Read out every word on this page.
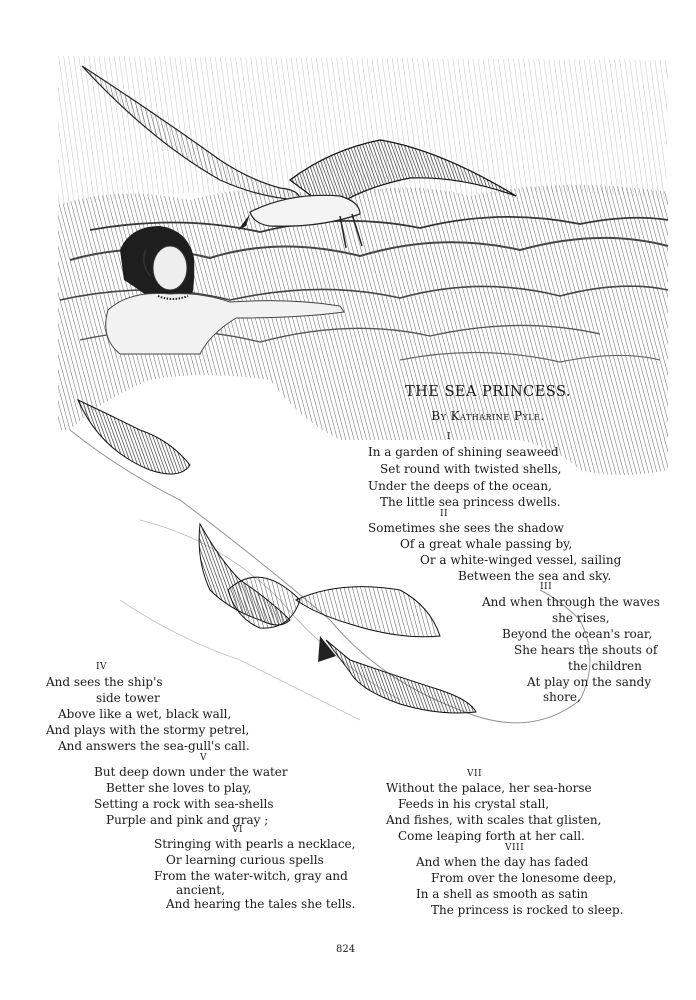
THE SEA PRINCESS.

By Katharine Pyle.

I
In a garden of shining seaweed
Set round with twisted shells,
Under the deeps of the ocean,
The little sea princess dwells.
II
Sometimes she sees the shadow
Of a great whale passing by,
Or a white-winged vessel, sailing
Between the sea and sky.
III
And when through the waves
she rises,
Beyond the ocean's roar,
She hears the shouts of
the children
At play on the sandy
shore,
IV
And sees the ship's
side tower
Above like a wet, black wall,
And plays with the stormy petrel,
And answers the sea-gull's call.
V
But deep down under the water
Better she loves to play,
Setting a rock with sea-shells
Purple and pink and gray ;
VI
Stringing with pearls a necklace,
Or learning curious spells
From the water-witch, gray and
ancient,
And hearing the tales she tells.
VII
Without the palace, her sea-horse
Feeds in his crystal stall,
And fishes, with scales that glisten,
Come leaping forth at her call.
VIII
And when the day has faded
From over the lonesome deep,
In a shell as smooth as satin
The princess is rocked to sleep.
824
